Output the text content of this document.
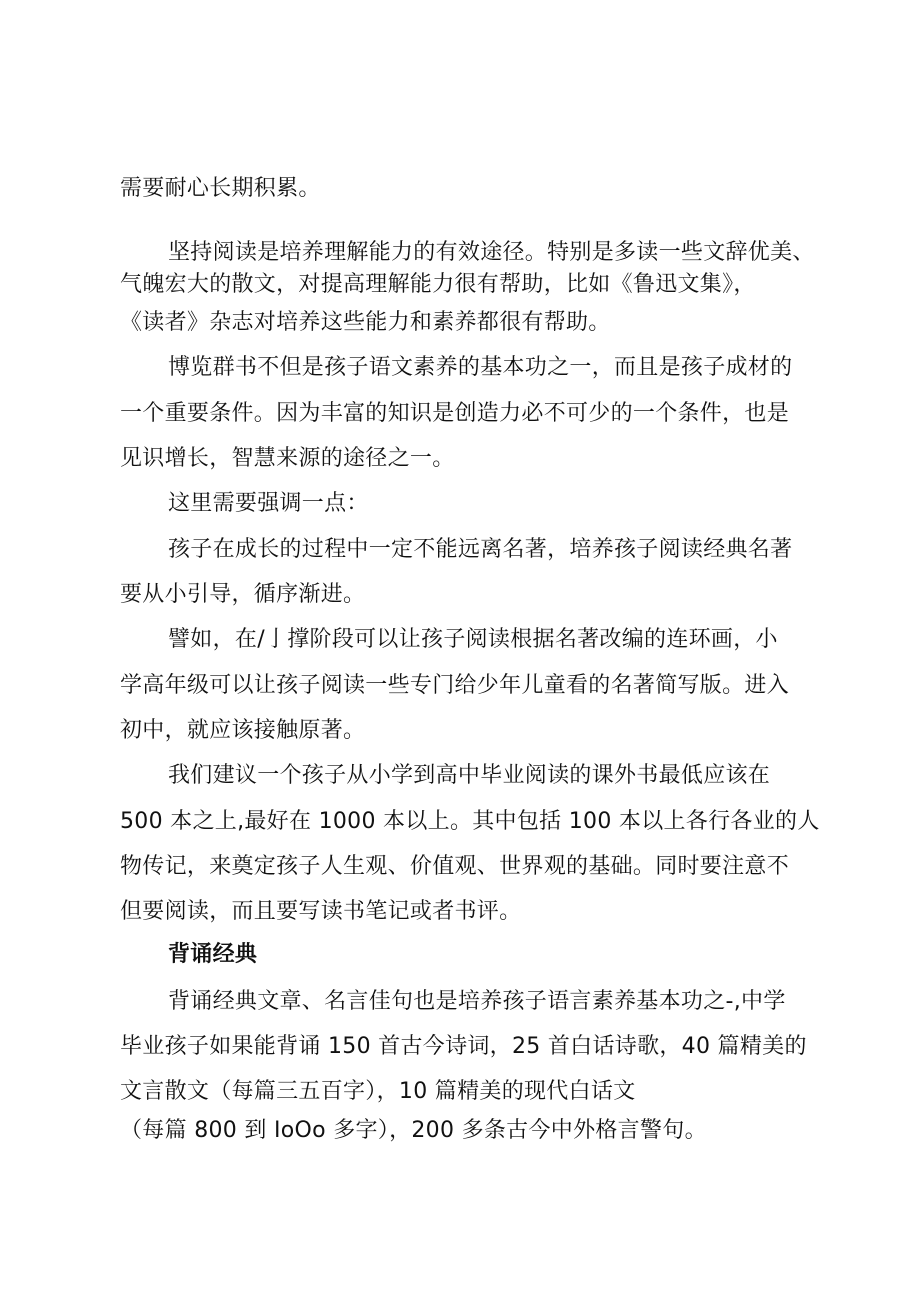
需要耐心长期积累。
坚持阅读是培养理解能力的有效途径。特别是多读一些文辞优美、
气魄宏大的散文，对提高理解能力很有帮助，比如《鲁迅文集》，
《读者》杂志对培养这些能力和素养都很有帮助。
博览群书不但是孩子语文素养的基本功之一，而且是孩子成材的
一个重要条件。因为丰富的知识是创造力必不可少的一个条件，也是
见识增长，智慧来源的途径之一。
这里需要强调一点：
孩子在成长的过程中一定不能远离名著，培养孩子阅读经典名著
要从小引导，循序渐进。
譬如，在/亅撑阶段可以让孩子阅读根据名著改编的连环画，小
学高年级可以让孩子阅读一些专门给少年儿童看的名著简写版。进入
初中，就应该接触原著。
我们建议一个孩子从小学到高中毕业阅读的课外书最低应该在
500 本之上,最好在 1000 本以上。其中包括 100 本以上各行各业的人
物传记，来奠定孩子人生观、价值观、世界观的基础。同时要注意不
但要阅读，而且要写读书笔记或者书评。
背诵经典
背诵经典文章、名言佳句也是培养孩子语言素养基本功之-,中学
毕业孩子如果能背诵 150 首古今诗词，25 首白话诗歌，40 篇精美的
文言散文（每篇三五百字），10 篇精美的现代白话文
（每篇 800 到 IoOo 多字），200 多条古今中外格言警句。
